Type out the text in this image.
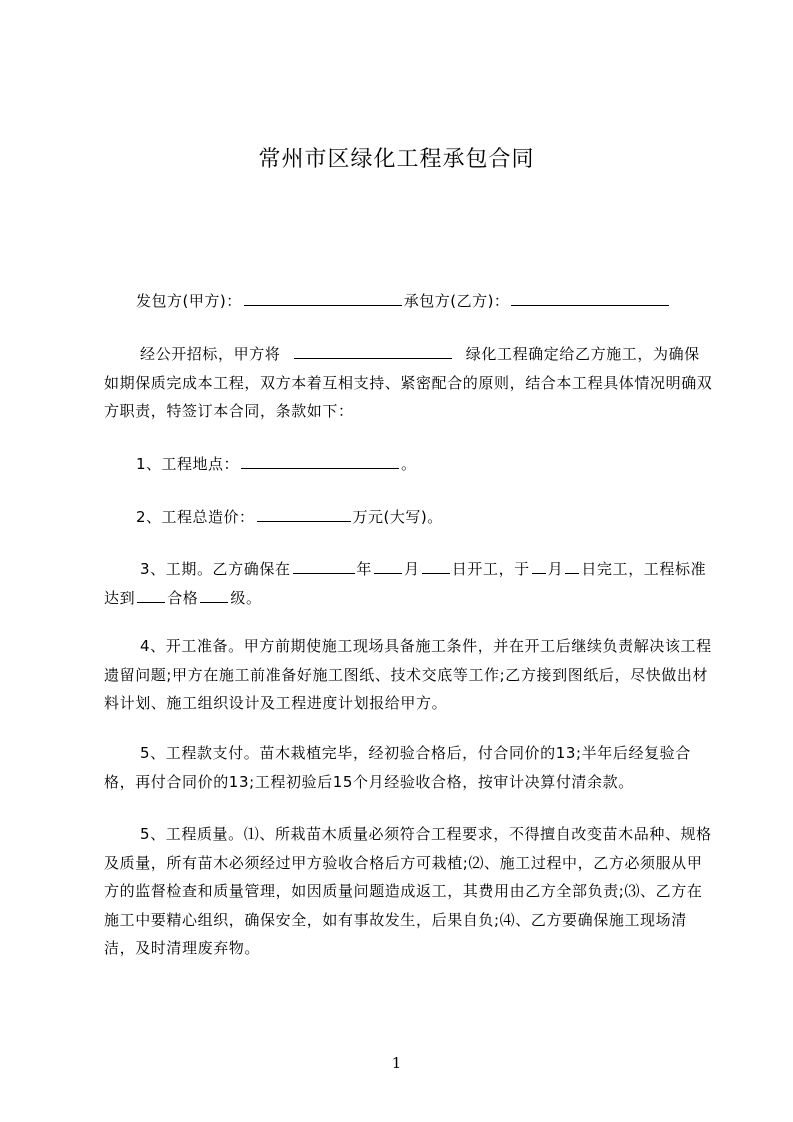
常州市区绿化工程承包合同
发包方(甲方)：	承包方(乙方)：
经公开招标，甲方将	绿化工程确定给乙方施工，为确保如期保质完成本工程，双方本着互相支持、紧密配合的原则，结合本工程具体情况明确双方职责，特签订本合同，条款如下：
1、工程地点：	。
2、工程总造价：	万元(大写)。
3、工期。乙方确保在	年 月 日开工，于 月 日完工，工程标准达到 合格 级。
4、开工准备。甲方前期使施工现场具备施工条件，并在开工后继续负责解决该工程遗留问题;甲方在施工前准备好施工图纸、技术交底等工作;乙方接到图纸后，尽快做出材料计划、施工组织设计及工程进度计划报给甲方。
5、工程款支付。苗木栽植完毕，经初验合格后，付合同价的13;半年后经复验合格，再付合同价的13;工程初验后15个月经验收合格，按审计决算付清余款。
5、工程质量。⑴、所栽苗木质量必须符合工程要求，不得擅自改变苗木品种、规格及质量，所有苗木必须经过甲方验收合格后方可栽植;⑵、施工过程中，乙方必须服从甲方的监督检查和质量管理，如因质量问题造成返工，其费用由乙方全部负责;⑶、乙方在施工中要精心组织，确保安全，如有事故发生，后果自负;⑷、乙方要确保施工现场清洁，及时清理废弃物。
1
